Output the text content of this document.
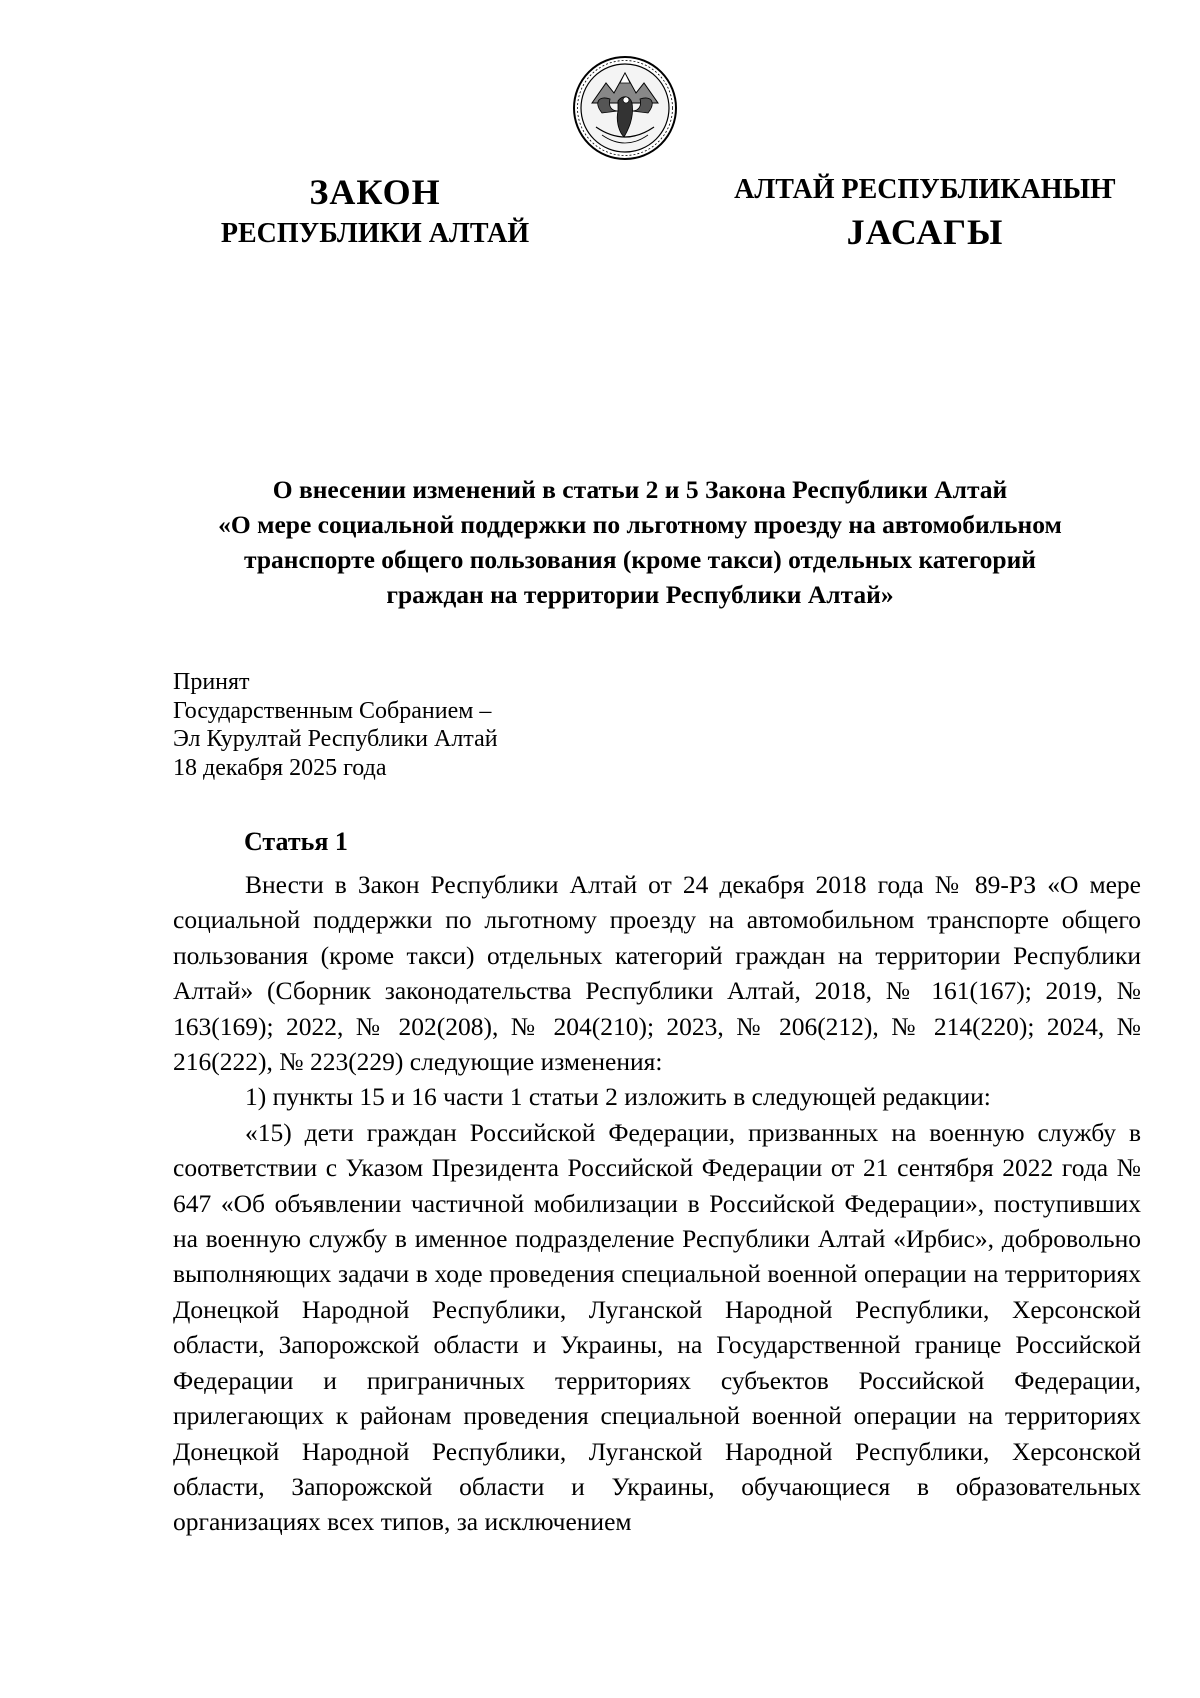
ЗАКОН
РЕСПУБЛИКИ АЛТАЙ
АЛТАЙ РЕСПУБЛИКАНЫҤ
ЈАСАГЫ
О внесении изменений в статьи 2 и 5 Закона Республики Алтай
«О мере социальной поддержки по льготному проезду на автомобильном
транспорте общего пользования (кроме такси) отдельных категорий
граждан на территории Республики Алтай»
Принят
Государственным Собранием –
Эл Курултай Республики Алтай
18 декабря 2025 года
Статья 1

Внести в Закон Республики Алтай от 24 декабря 2018 года № 89-РЗ «О мере социальной поддержки по льготному проезду на автомобильном транспорте общего пользования (кроме такси) отдельных категорий граждан на территории Республики Алтай» (Сборник законодательства Республики Алтай, 2018, № 161(167); 2019, № 163(169); 2022, № 202(208), № 204(210); 2023, № 206(212), № 214(220); 2024, № 216(222), № 223(229) следующие изменения:

1) пункты 15 и 16 части 1 статьи 2 изложить в следующей редакции:

«15) дети граждан Российской Федерации, призванных на военную службу в соответствии с Указом Президента Российской Федерации от 21 сентября 2022 года № 647 «Об объявлении частичной мобилизации в Российской Федерации», поступивших на военную службу в именное подразделение Республики Алтай «Ирбис», добровольно выполняющих задачи в ходе проведения специальной военной операции на территориях Донецкой Народной Республики, Луганской Народной Республики, Херсонской области, Запорожской области и Украины, на Государственной границе Российской Федерации и приграничных территориях субъектов Российской Федерации, прилегающих к районам проведения специальной военной операции на территориях Донецкой Народной Республики, Луганской Народной Республики, Херсонской области, Запорожской области и Украины, обучающиеся в образовательных организациях всех типов, за исключением
